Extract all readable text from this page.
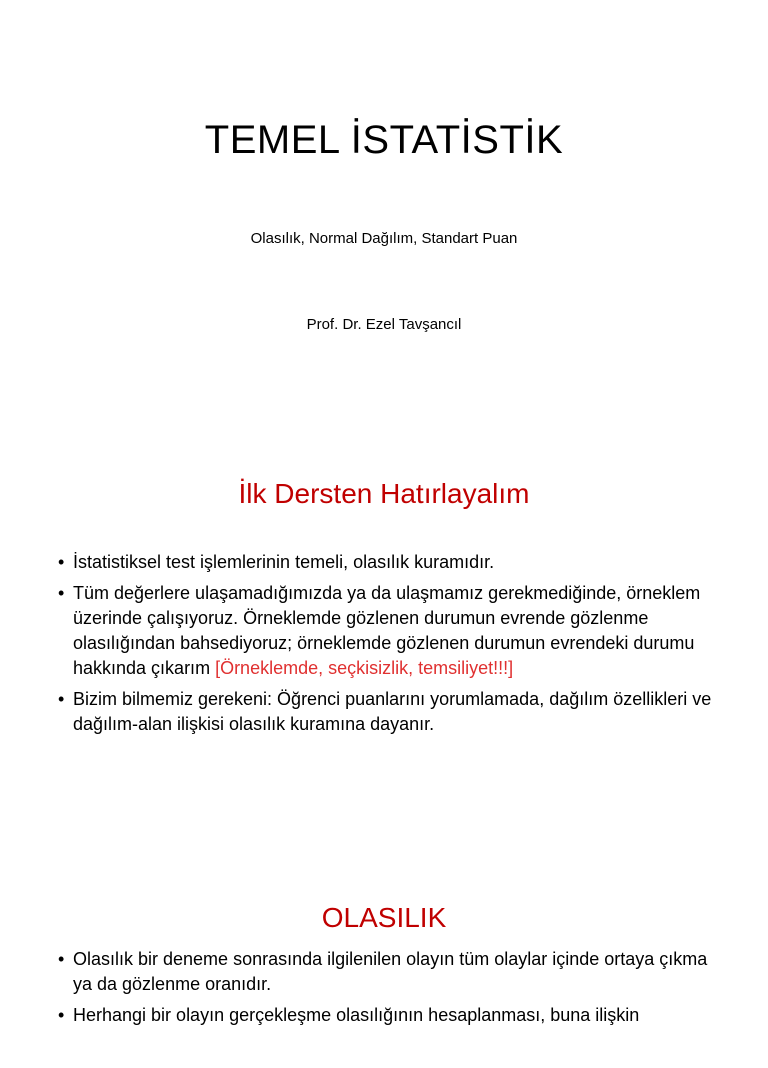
TEMEL İSTATİSTİK
Olasılık, Normal Dağılım, Standart Puan
Prof. Dr. Ezel Tavşancıl
İlk Dersten Hatırlayalım
• İstatistiksel test işlemlerinin temeli, olasılık kuramıdır.
• Tüm değerlere ulaşamadığımızda ya da ulaşmamız gerekmediğinde, örneklem üzerinde çalışıyoruz. Örneklemde gözlenen durumun evrende gözlenme olasılığından bahsediyoruz; örneklemde gözlenen durumun evrendeki durumu hakkında çıkarım [Örneklemde, seçkisizlik, temsiliyet!!!]
• Bizim bilmemiz gerekeni: Öğrenci puanlarını yorumlamada, dağılım özellikleri ve dağılım-alan ilişkisi olasılık kuramına dayanır.
OLASILIK
• Olasılık bir deneme sonrasında ilgilenilen olayın tüm olaylar içinde ortaya çıkma ya da gözlenme oranıdır.
• Herhangi bir olayın gerçekleşme olasılığının hesaplanması, buna ilişkin
